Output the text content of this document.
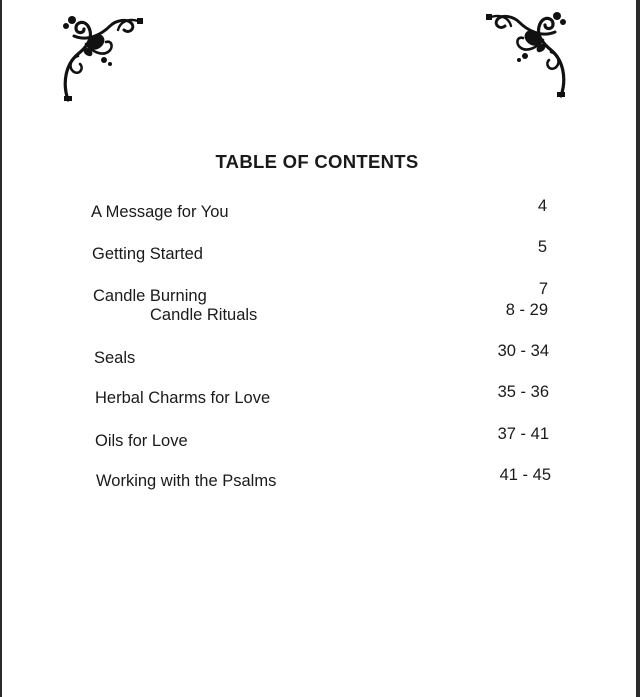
TABLE OF CONTENTS
A Message for You	4
Getting Started	5
Candle Burning	7
Candle Rituals	8 - 29
Seals	30 - 34
Herbal Charms for Love	35 - 36
Oils for Love	37 - 41
Working with the Psalms	41 - 45
